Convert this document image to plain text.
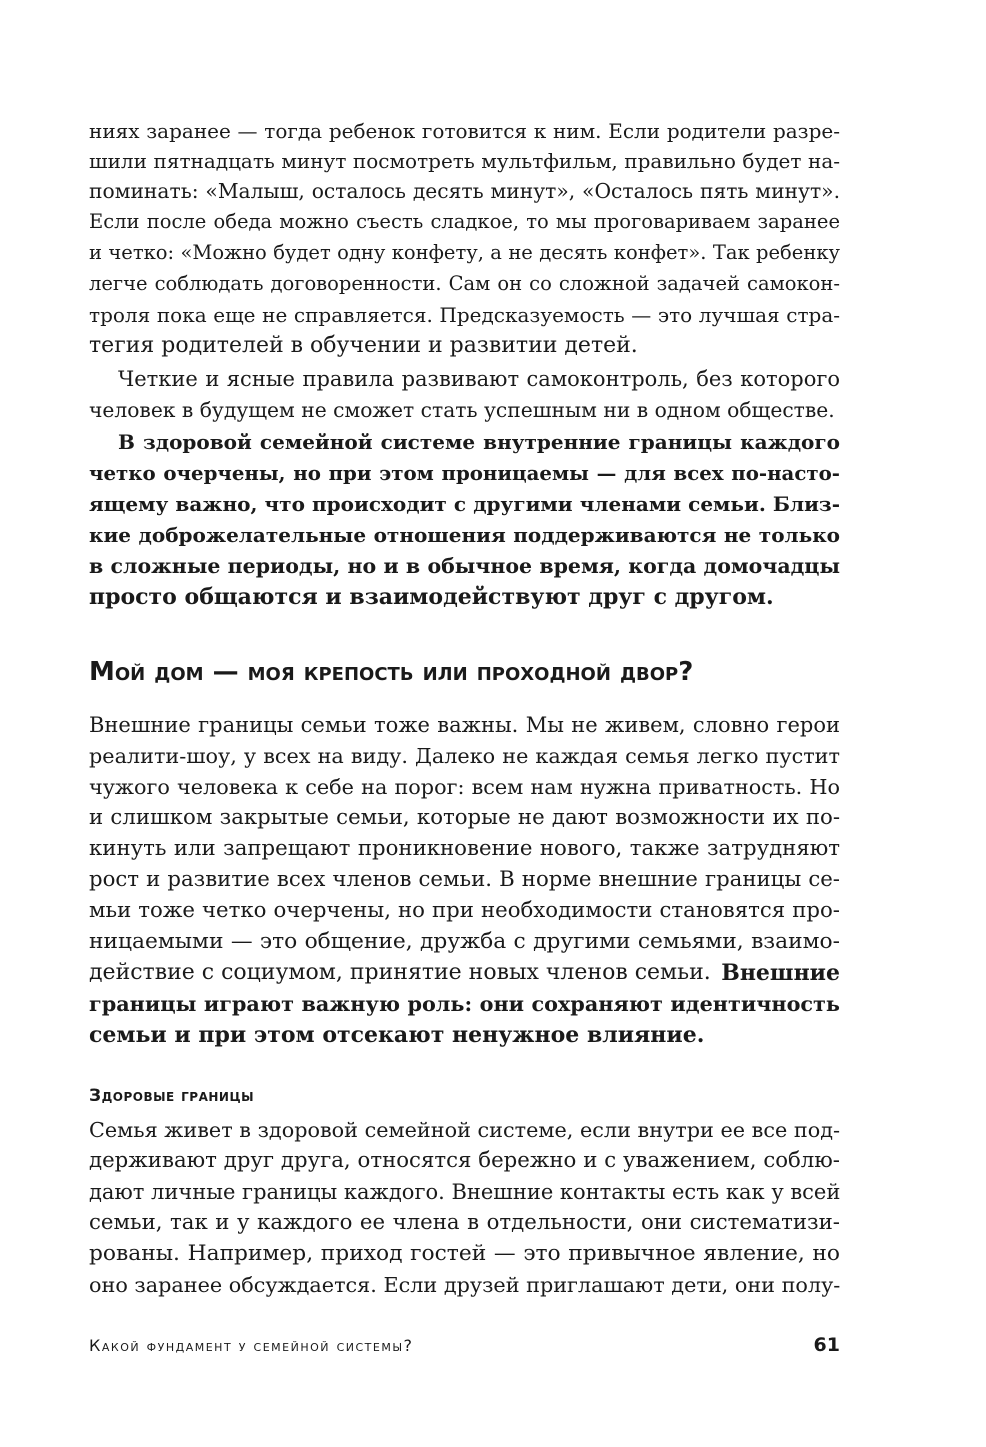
ниях заранее — тогда ребенок готовится к ним. Если родители разре-
шили пятнадцать минут посмотреть мультфильм, правильно будет на-
поминать: «Малыш, осталось десять минут», «Осталось пять минут».
Если после обеда можно съесть сладкое, то мы проговариваем заранее
и четко: «Можно будет одну конфету, а не десять конфет». Так ребенку
легче соблюдать договоренности. Сам он со сложной задачей самокон-
троля пока еще не справляется. Предсказуемость — это лучшая стра-
тегия родителей в обучении и развитии детей.
Четкие и ясные правила развивают самоконтроль, без которого
человек в будущем не сможет стать успешным ни в одном обществе.
В здоровой семейной системе внутренние границы каждого
четко очерчены, но при этом проницаемы — для всех по-насто-
ящему важно, что происходит с другими членами семьи. Близ-
кие доброжелательные отношения поддерживаются не только
в сложные периоды, но и в обычное время, когда домочадцы
просто общаются и взаимодействуют друг с другом.
Мой дом — моя крепость или проходной двор?
Внешние границы семьи тоже важны. Мы не живем, словно герои
реалити-шоу, у всех на виду. Далеко не каждая семья легко пустит
чужого человека к себе на порог: всем нам нужна приватность. Но
и слишком закрытые семьи, которые не дают возможности их по-
кинуть или запрещают проникновение нового, также затрудняют
рост и развитие всех членов семьи. В норме внешние границы се-
мьи тоже четко очерчены, но при необходимости становятся про-
ницаемыми — это общение, дружба с другими семьями, взаимо-
действие с социумом, принятие новых членов семьи. Внешние
границы играют важную роль: они сохраняют идентичность
семьи и при этом отсекают ненужное влияние.
Здоровые границы
Семья живет в здоровой семейной системе, если внутри ее все под-
держивают друг друга, относятся бережно и с уважением, соблю-
дают личные границы каждого. Внешние контакты есть как у всей
семьи, так и у каждого ее члена в отдельности, они систематизи-
рованы. Например, приход гостей — это привычное явление, но
оно заранее обсуждается. Если друзей приглашают дети, они полу-
Какой фундамент у семейной системы?	61
